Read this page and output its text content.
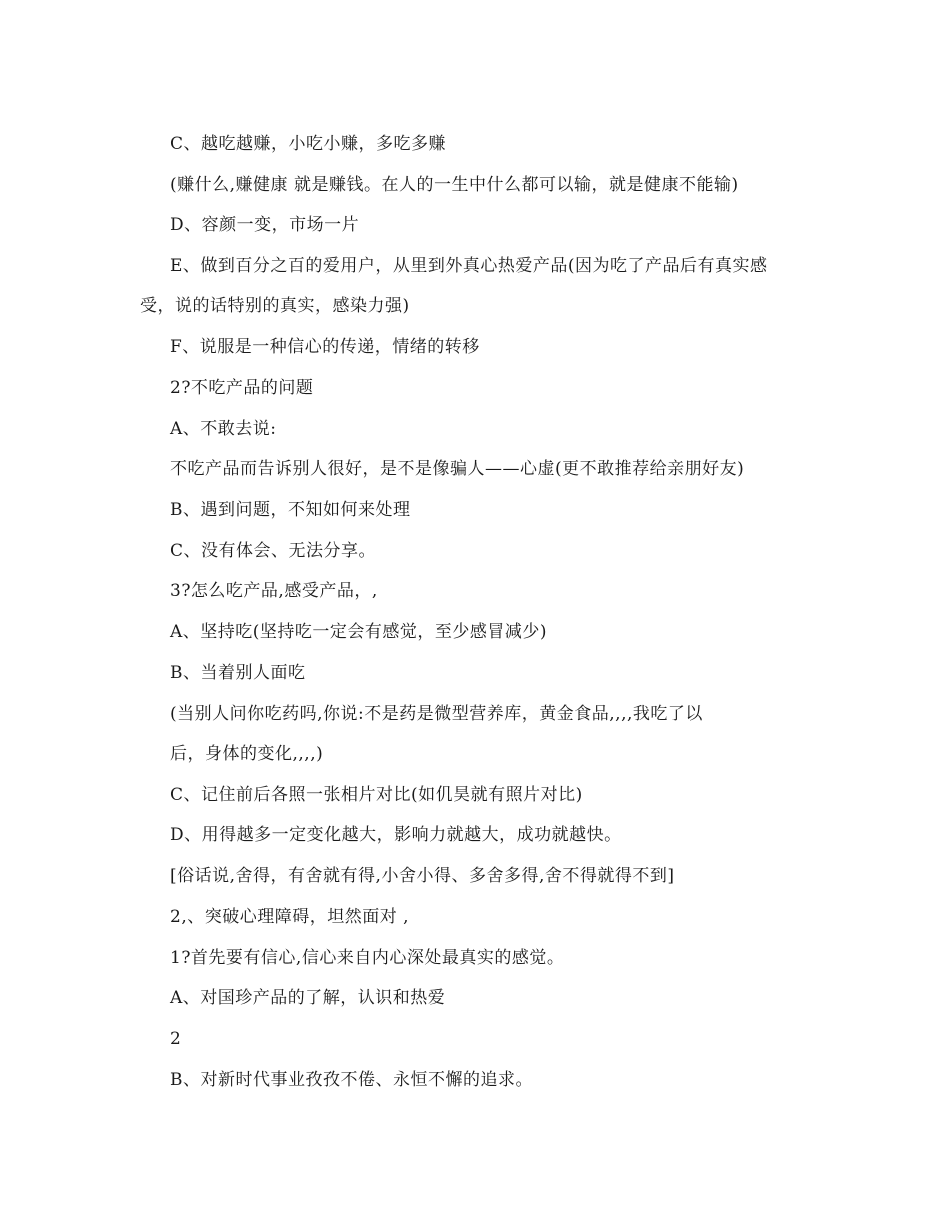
C、越吃越赚，小吃小赚，多吃多赚
(赚什么,赚健康 就是赚钱。在人的一生中什么都可以输，就是健康不能输)
D、容颜一变，市场一片
E、做到百分之百的爱用户，从里到外真心热爱产品(因为吃了产品后有真实感
受，说的话特别的真实，感染力强)
F、说服是一种信心的传递，情绪的转移
2?不吃产品的问题
A、不敢去说:
不吃产品而告诉别人很好，是不是像骗人——心虚(更不敢推荐给亲朋好友)
B、遇到问题，不知如何来处理
C、没有体会、无法分享。
3?怎么吃产品,感受产品，,
A、坚持吃(坚持吃一定会有感觉，至少感冒减少)
B、当着别人面吃
(当别人问你吃药吗,你说:不是药是微型营养库，黄金食品,,,,我吃了以
后，身体的变化,,,,)
C、记住前后各照一张相片对比(如仉昊就有照片对比)
D、用得越多一定变化越大，影响力就越大，成功就越快。
[俗话说,舍得，有舍就有得,小舍小得、多舍多得,舍不得就得不到]
2,、突破心理障碍，坦然面对 ,
1?首先要有信心,信心来自内心深处最真实的感觉。
A、对国珍产品的了解，认识和热爱
2
B、对新时代事业孜孜不倦、永恒不懈的追求。
